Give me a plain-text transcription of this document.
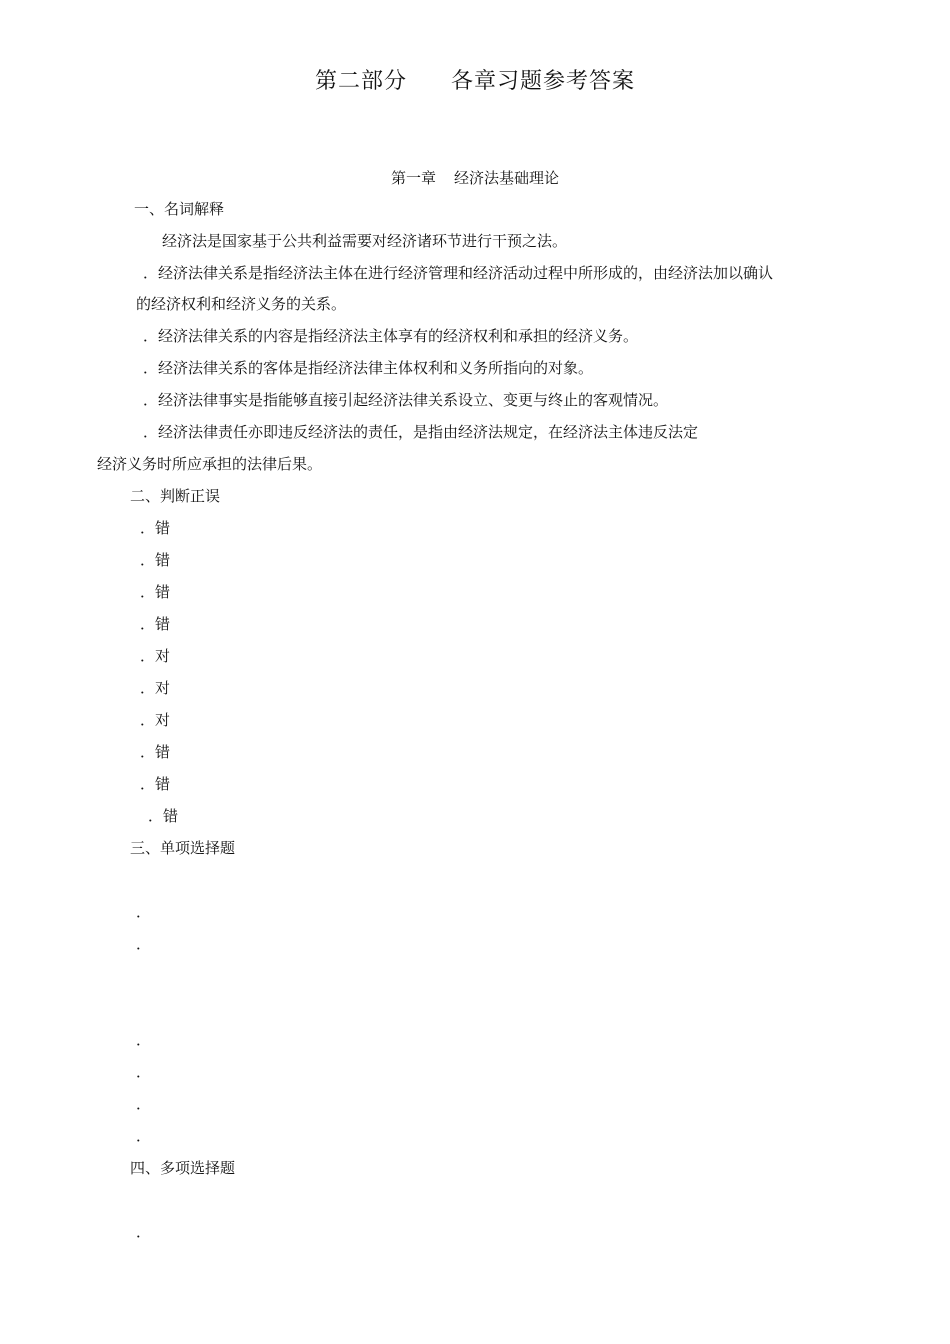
第二部分 各章习题参考答案
第一章 经济法基础理论
一、名词解释
经济法是国家基于公共利益需要对经济诸环节进行干预之法。
．经济法律关系是指经济法主体在进行经济管理和经济活动过程中所形成的，由经济法加以确认
的经济权利和经济义务的关系。
．经济法律关系的内容是指经济法主体享有的经济权利和承担的经济义务。
．经济法律关系的客体是指经济法律主体权利和义务所指向的对象。
．经济法律事实是指能够直接引起经济法律关系设立、变更与终止的客观情况。
．经济法律责任亦即违反经济法的责任，是指由经济法规定，在经济法主体违反法定
经济义务时所应承担的法律后果。
二、判断正误
．错
．错
．错
．错
．对
．对
．对
．错
．错
．错
三、单项选择题
．
．
．
．
．
．
四、多项选择题
．
